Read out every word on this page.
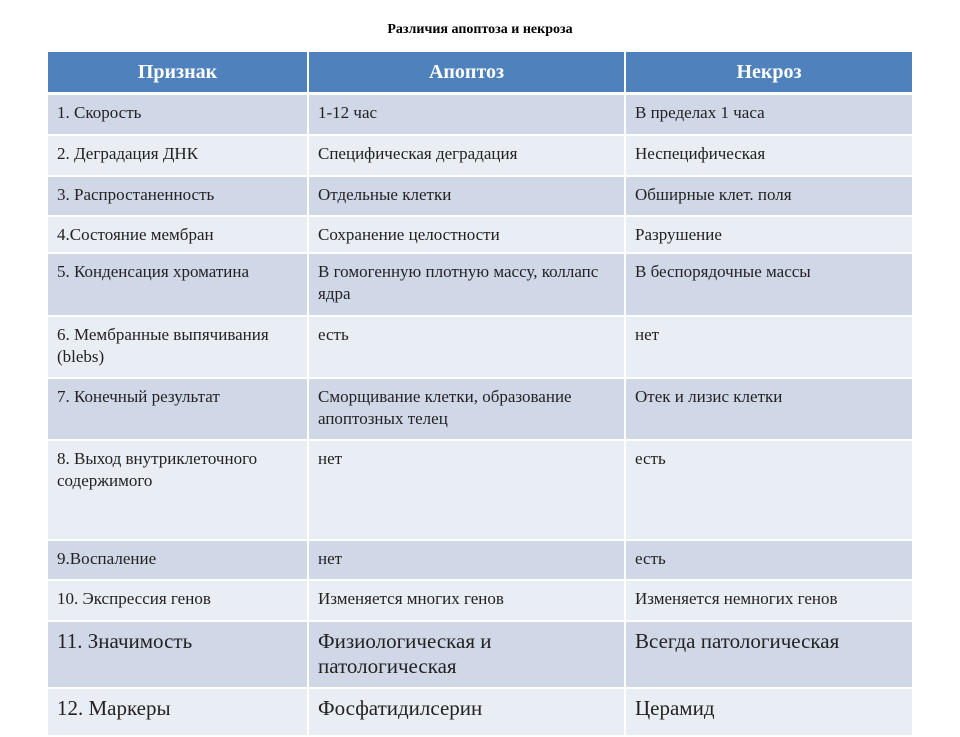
Различия апоптоза и некроза
Признак	Апоптоз	Некроз
1. Скорость	1-12 час	В пределах 1 часа
2. Деградация ДНК	Специфическая деградация	Неспецифическая
3. Распростаненность	Отдельные клетки	Обширные клет. поля
4.Состояние мембран	Сохранение целостности	Разрушение
5. Конденсация хроматина	В гомогенную плотную массу, коллапс ядра	В беспорядочные массы
6. Мембранные выпячивания (blebs)	есть	нет
7. Конечный результат	Сморщивание клетки, образование апоптозных телец	Отек и лизис клетки
8. Выход внутриклеточного содержимого	нет	есть
9.Воспаление	нет	есть
10. Экспрессия генов	Изменяется многих генов	Изменяется немногих генов
11. Значимость	Физиологическая и патологическая	Всегда патологическая
12. Маркеры	Фосфатидилсерин	Церамид
